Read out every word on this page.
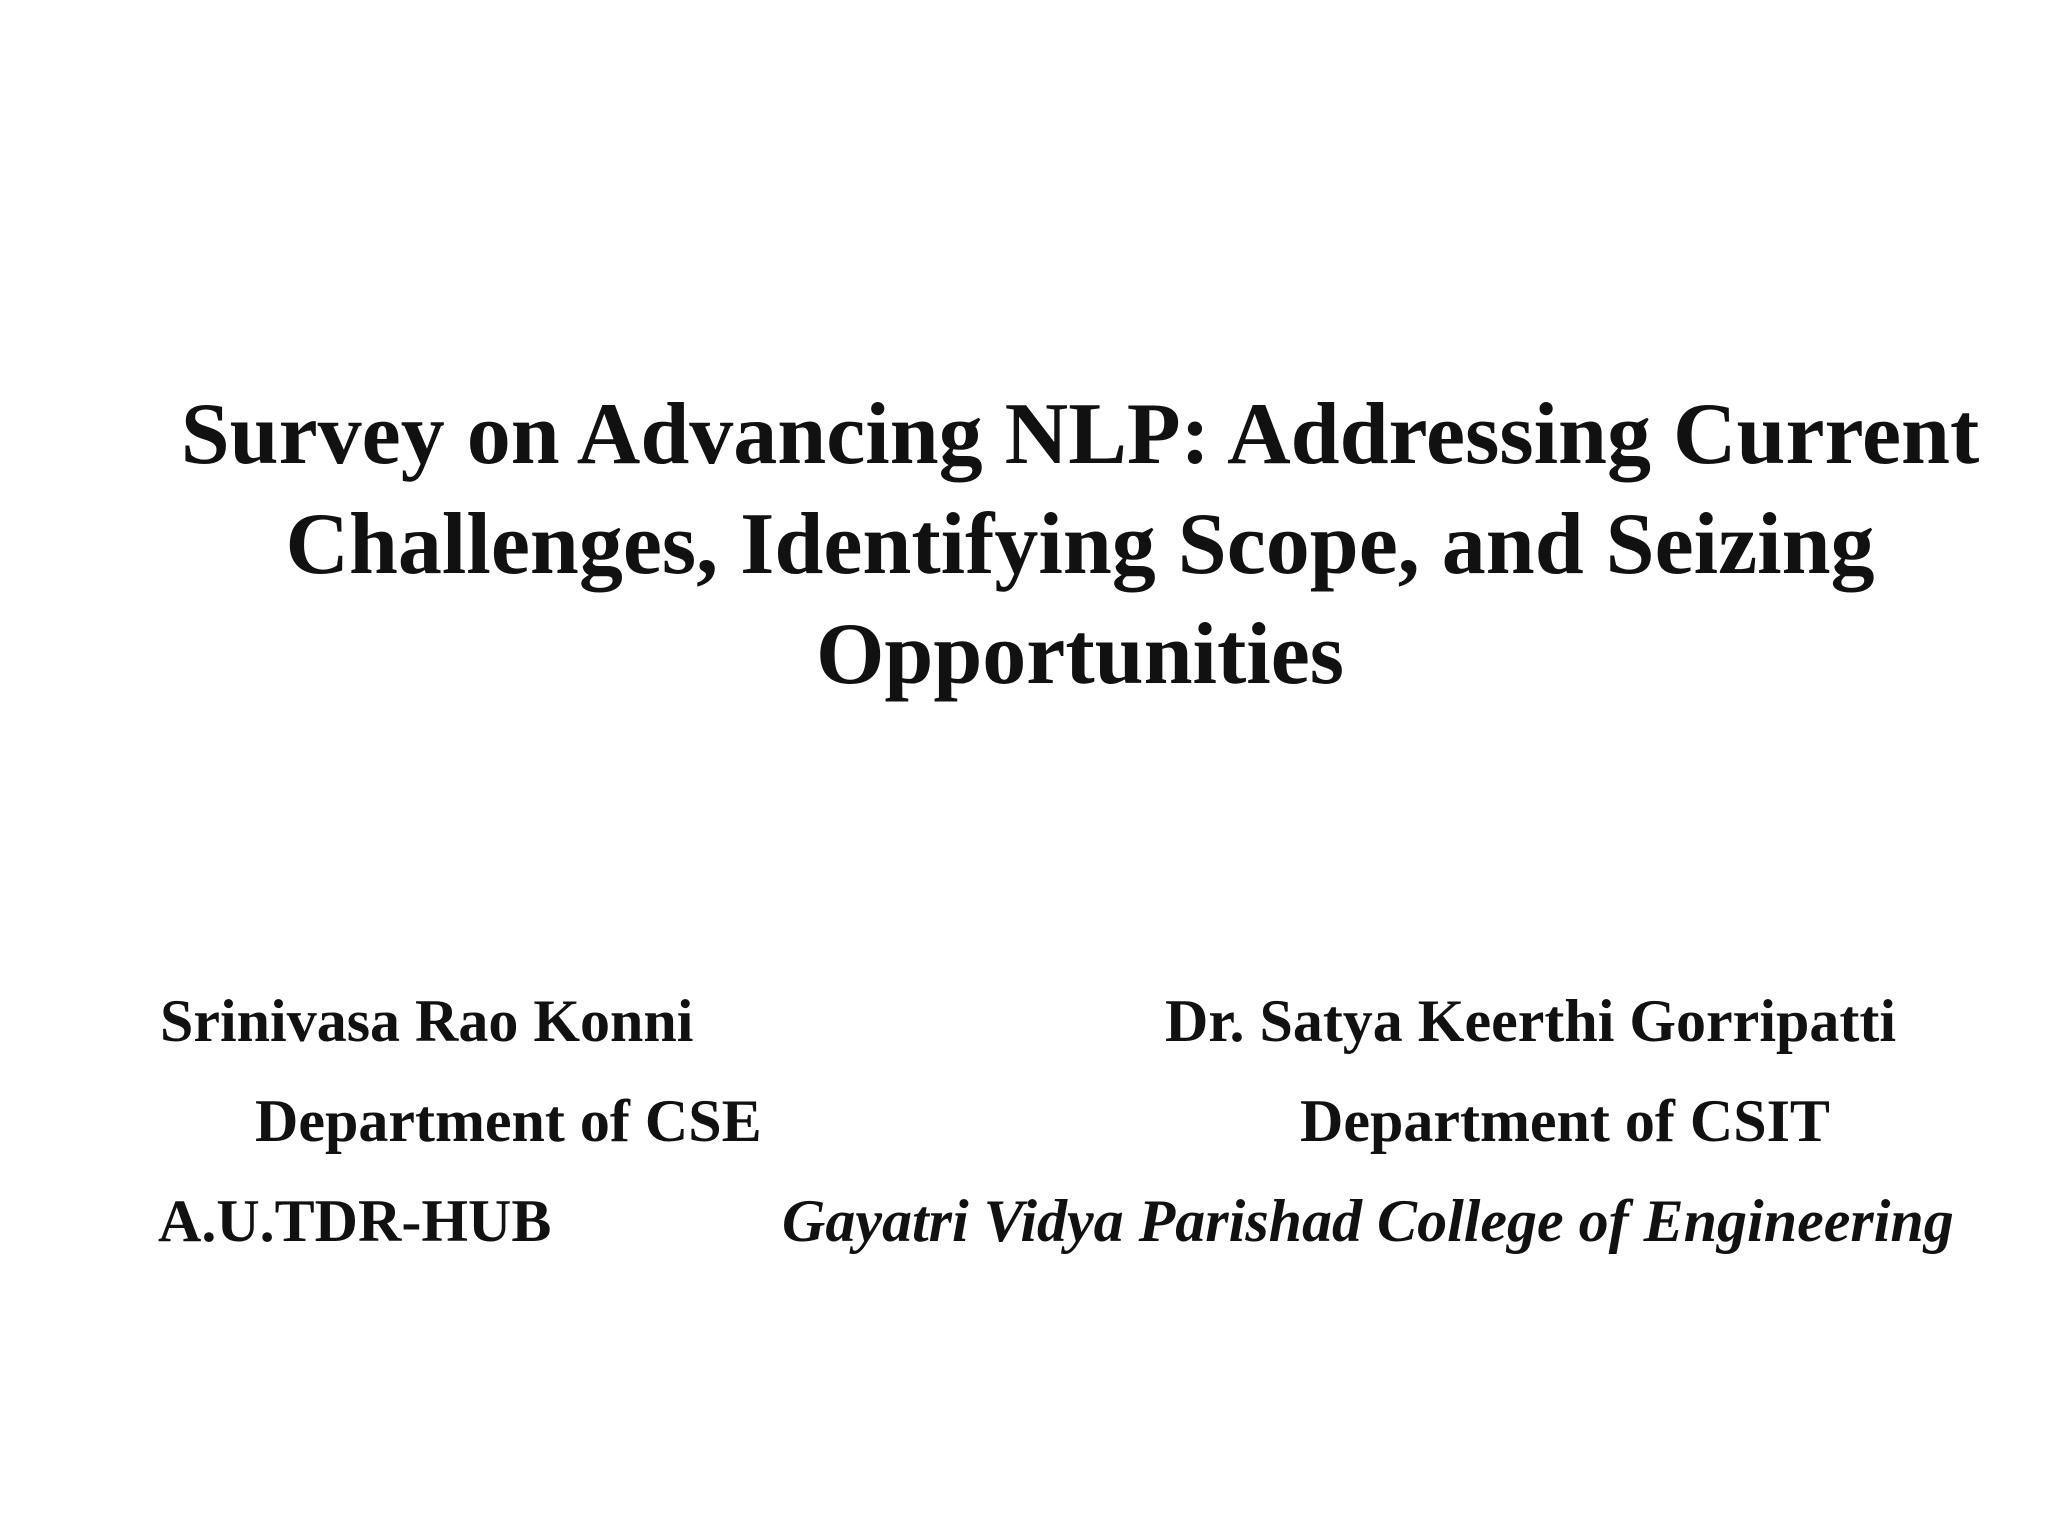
Survey on Advancing NLP: Addressing Current
Challenges, Identifying Scope, and Seizing
Opportunities
Srinivasa Rao Konni
Department of CSE
A.U.TDR-HUB
Dr. Satya Keerthi Gorripatti
Department of CSIT
Gayatri Vidya Parishad College of Engineering
